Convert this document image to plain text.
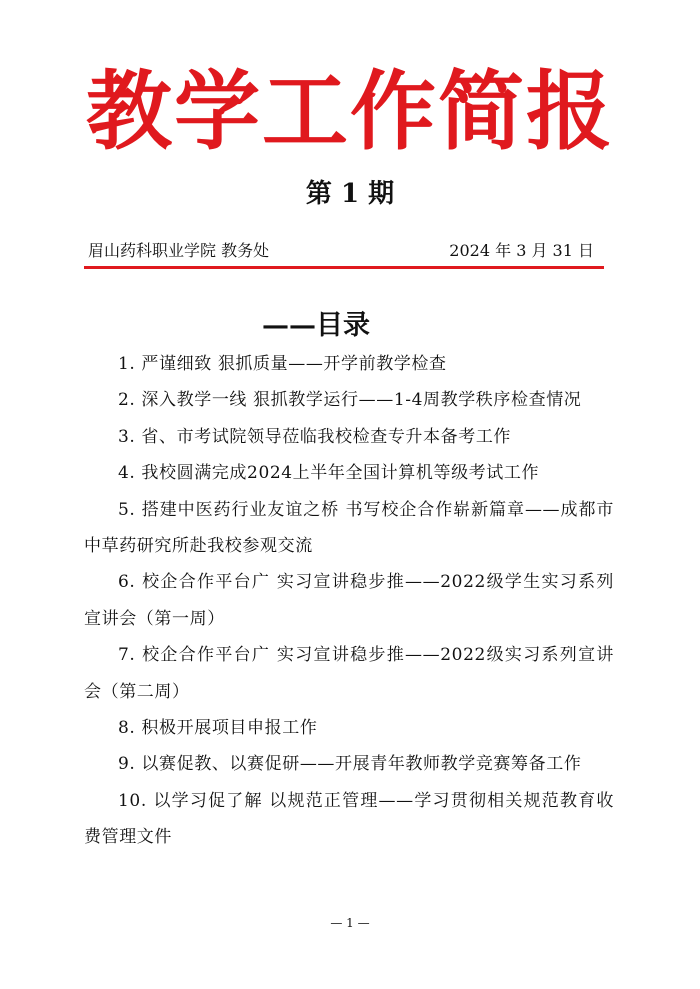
教学工作简报
第 1 期
眉山药科职业学院 教务处	2024 年 3 月 31 日
——目录
1. 严谨细致 狠抓质量——开学前教学检查
2. 深入教学一线 狠抓教学运行——1-4周教学秩序检查情况
3. 省、市考试院领导莅临我校检查专升本备考工作
4. 我校圆满完成2024上半年全国计算机等级考试工作
5. 搭建中医药行业友谊之桥 书写校企合作崭新篇章——成都市中草药研究所赴我校参观交流
6. 校企合作平台广 实习宣讲稳步推——2022级学生实习系列宣讲会（第一周）
7. 校企合作平台广 实习宣讲稳步推——2022级实习系列宣讲会（第二周）
8. 积极开展项目申报工作
9. 以赛促教、以赛促研——开展青年教师教学竞赛筹备工作
10. 以学习促了解 以规范正管理——学习贯彻相关规范教育收费管理文件
— 1 —
